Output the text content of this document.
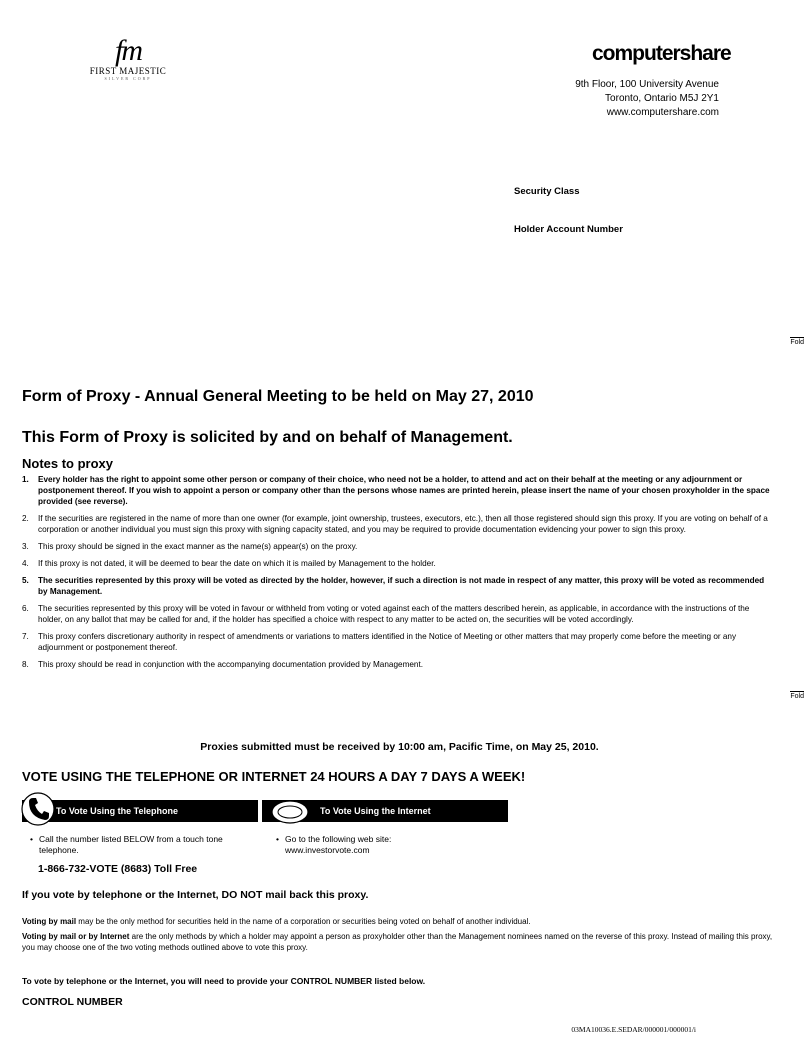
fm
FIRST MAJESTIC
SILVER CORP
computershare
9th Floor, 100 University Avenue
Toronto, Ontario M5J 2Y1
www.computershare.com
Security Class
Holder Account Number
Fold
Fold
Form of Proxy - Annual General Meeting to be held on May 27, 2010
This Form of Proxy is solicited by and on behalf of Management.
Notes to proxy
1. Every holder has the right to appoint some other person or company of their choice, who need not be a holder, to attend and act on their behalf at the meeting or any adjournment or postponement thereof. If you wish to appoint a person or company other than the persons whose names are printed herein, please insert the name of your chosen proxyholder in the space provided (see reverse).
2. If the securities are registered in the name of more than one owner (for example, joint ownership, trustees, executors, etc.), then all those registered should sign this proxy. If you are voting on behalf of a corporation or another individual you must sign this proxy with signing capacity stated, and you may be required to provide documentation evidencing your power to sign this proxy.
3. This proxy should be signed in the exact manner as the name(s) appear(s) on the proxy.
4. If this proxy is not dated, it will be deemed to bear the date on which it is mailed by Management to the holder.
5. The securities represented by this proxy will be voted as directed by the holder, however, if such a direction is not made in respect of any matter, this proxy will be voted as recommended by Management.
6. The securities represented by this proxy will be voted in favour or withheld from voting or voted against each of the matters described herein, as applicable, in accordance with the instructions of the holder, on any ballot that may be called for and, if the holder has specified a choice with respect to any matter to be acted on, the securities will be voted accordingly.
7. This proxy confers discretionary authority in respect of amendments or variations to matters identified in the Notice of Meeting or other matters that may properly come before the meeting or any adjournment or postponement thereof.
8. This proxy should be read in conjunction with the accompanying documentation provided by Management.
Proxies submitted must be received by 10:00 am, Pacific Time, on May 25, 2010.
VOTE USING THE TELEPHONE OR INTERNET 24 HOURS A DAY 7 DAYS A WEEK!
To Vote Using the Telephone	To Vote Using the Internet
• Call the number listed BELOW from a touch tone telephone.
1-866-732-VOTE (8683) Toll Free
• Go to the following web site:
www.investorvote.com
If you vote by telephone or the Internet, DO NOT mail back this proxy.
Voting by mail may be the only method for securities held in the name of a corporation or securities being voted on behalf of another individual.
Voting by mail or by Internet are the only methods by which a holder may appoint a person as proxyholder other than the Management nominees named on the reverse of this proxy. Instead of mailing this proxy, you may choose one of the two voting methods outlined above to vote this proxy.
To vote by telephone or the Internet, you will need to provide your CONTROL NUMBER listed below.
CONTROL NUMBER
03MA10036.E.SEDAR/000001/000001/i
